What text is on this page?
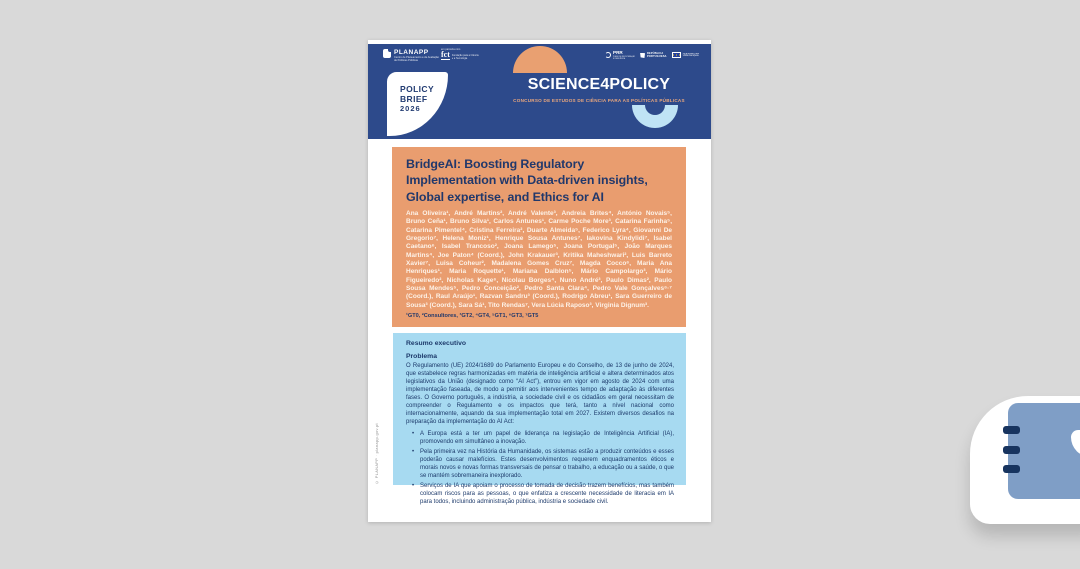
PLANAPP
Centro de Planeamento e de Avaliação
de Políticas Públicas
em parceria com
fct Fundação para a Ciência
e a Tecnologia
PRR
PLANO DE RECUPERAÇÃO
E RESILIÊNCIA
REPÚBLICA
PORTUGUESA
Financiado pela
União Europeia
POLICY
BRIEF
2026
SCIENCE4POLICY
CONCURSO DE ESTUDOS DE CIÊNCIA PARA AS POLÍTICAS PÚBLICAS
BridgeAI: Boosting Regulatory Implementation with Data-driven insights, Global expertise, and Ethics for AI
Ana Oliveira¹, André Martins², André Valente³, Andreia Brites⁴, António Novais⁵, Bruno Ceña¹, Bruno Silva¹, Carlos Antunes¹, Carme Poche More³, Catarina Farinha⁵, Catarina Pimentel⁴, Cristina Ferreira², Duarte Almeida⁵, Federico Lyra⁴, Giovanni De Gregorio⁷, Helena Moniz¹, Henrique Sousa Antunes⁷, Iakovina Kindylidi⁷, Isabel Caetano⁶, Isabel Trancoso², Joana Lamego⁵, Joana Portugal⁵, João Marques Martins⁴, Joe Paton⁴ (Coord.), John Krakauer³, Kritika Maheshwari², Luis Barreto Xavier⁷, Luisa Coheur², Madalena Gomes Cruz⁷, Magda Cocco⁶, Maria Ana Henriques¹, Maria Roquette¹, Mariana Dalblon⁵, Mário Campolargo³, Mário Figueiredo², Nicholas Kage⁶, Nicolau Borges⁴, Nuno André³, Paulo Dimas², Paulo Sousa Mendes⁵, Pedro Conceição², Pedro Santa Clara⁴, Pedro Vale Gonçalves⁶·⁷ (Coord.), Raul Araújo¹, Razvan Sandru³ (Coord.), Rodrigo Abreu¹, Sara Guerreiro de Sousa³ (Coord.), Sara Sá¹, Tito Rendas⁷, Vera Lúcia Raposo³, Virginia Dignum³.
¹GT0, ²Consultores, ³GT2, ⁴GT4, ⁵GT1, ⁶GT3, ⁷GT5
Resumo executivo
Problema
O Regulamento (UE) 2024/1689 do Parlamento Europeu e do Conselho, de 13 de junho de 2024, que estabelece regras harmonizadas em matéria de inteligência artificial e altera determinados atos legislativos da União (designado como “AI Act”), entrou em vigor em agosto de 2024 com uma implementação faseada, de modo a permitir aos intervenientes tempo de adaptação às diferentes fases. O Governo português, a indústria, a sociedade civil e os cidadãos em geral necessitam de compreender o Regulamento e os impactos que terá, tanto a nível nacional como internacionalmente, aquando da sua implementação total em 2027. Existem diversos desafios na preparação da implementação do AI Act:
• A Europa está a ter um papel de liderança na legislação de Inteligência Artificial (IA), promovendo em simultâneo a inovação.
• Pela primeira vez na História da Humanidade, os sistemas estão a produzir conteúdos e esses poderão causar malefícios. Estes desenvolvimentos requerem enquadramentos éticos e morais novos e novas formas transversais de pensar o trabalho, a educação ou a saúde, o que se mantém sobremaneira inexplorado.
• Serviços de IA que apoiam o processo de tomada de decisão trazem benefícios, mas também colocam riscos para as pessoas, o que enfatiza a crescente necessidade de literacia em IA para todos, incluindo administração pública, indústria e sociedade civil.
© PLANAPP · planapp.gov.pt
